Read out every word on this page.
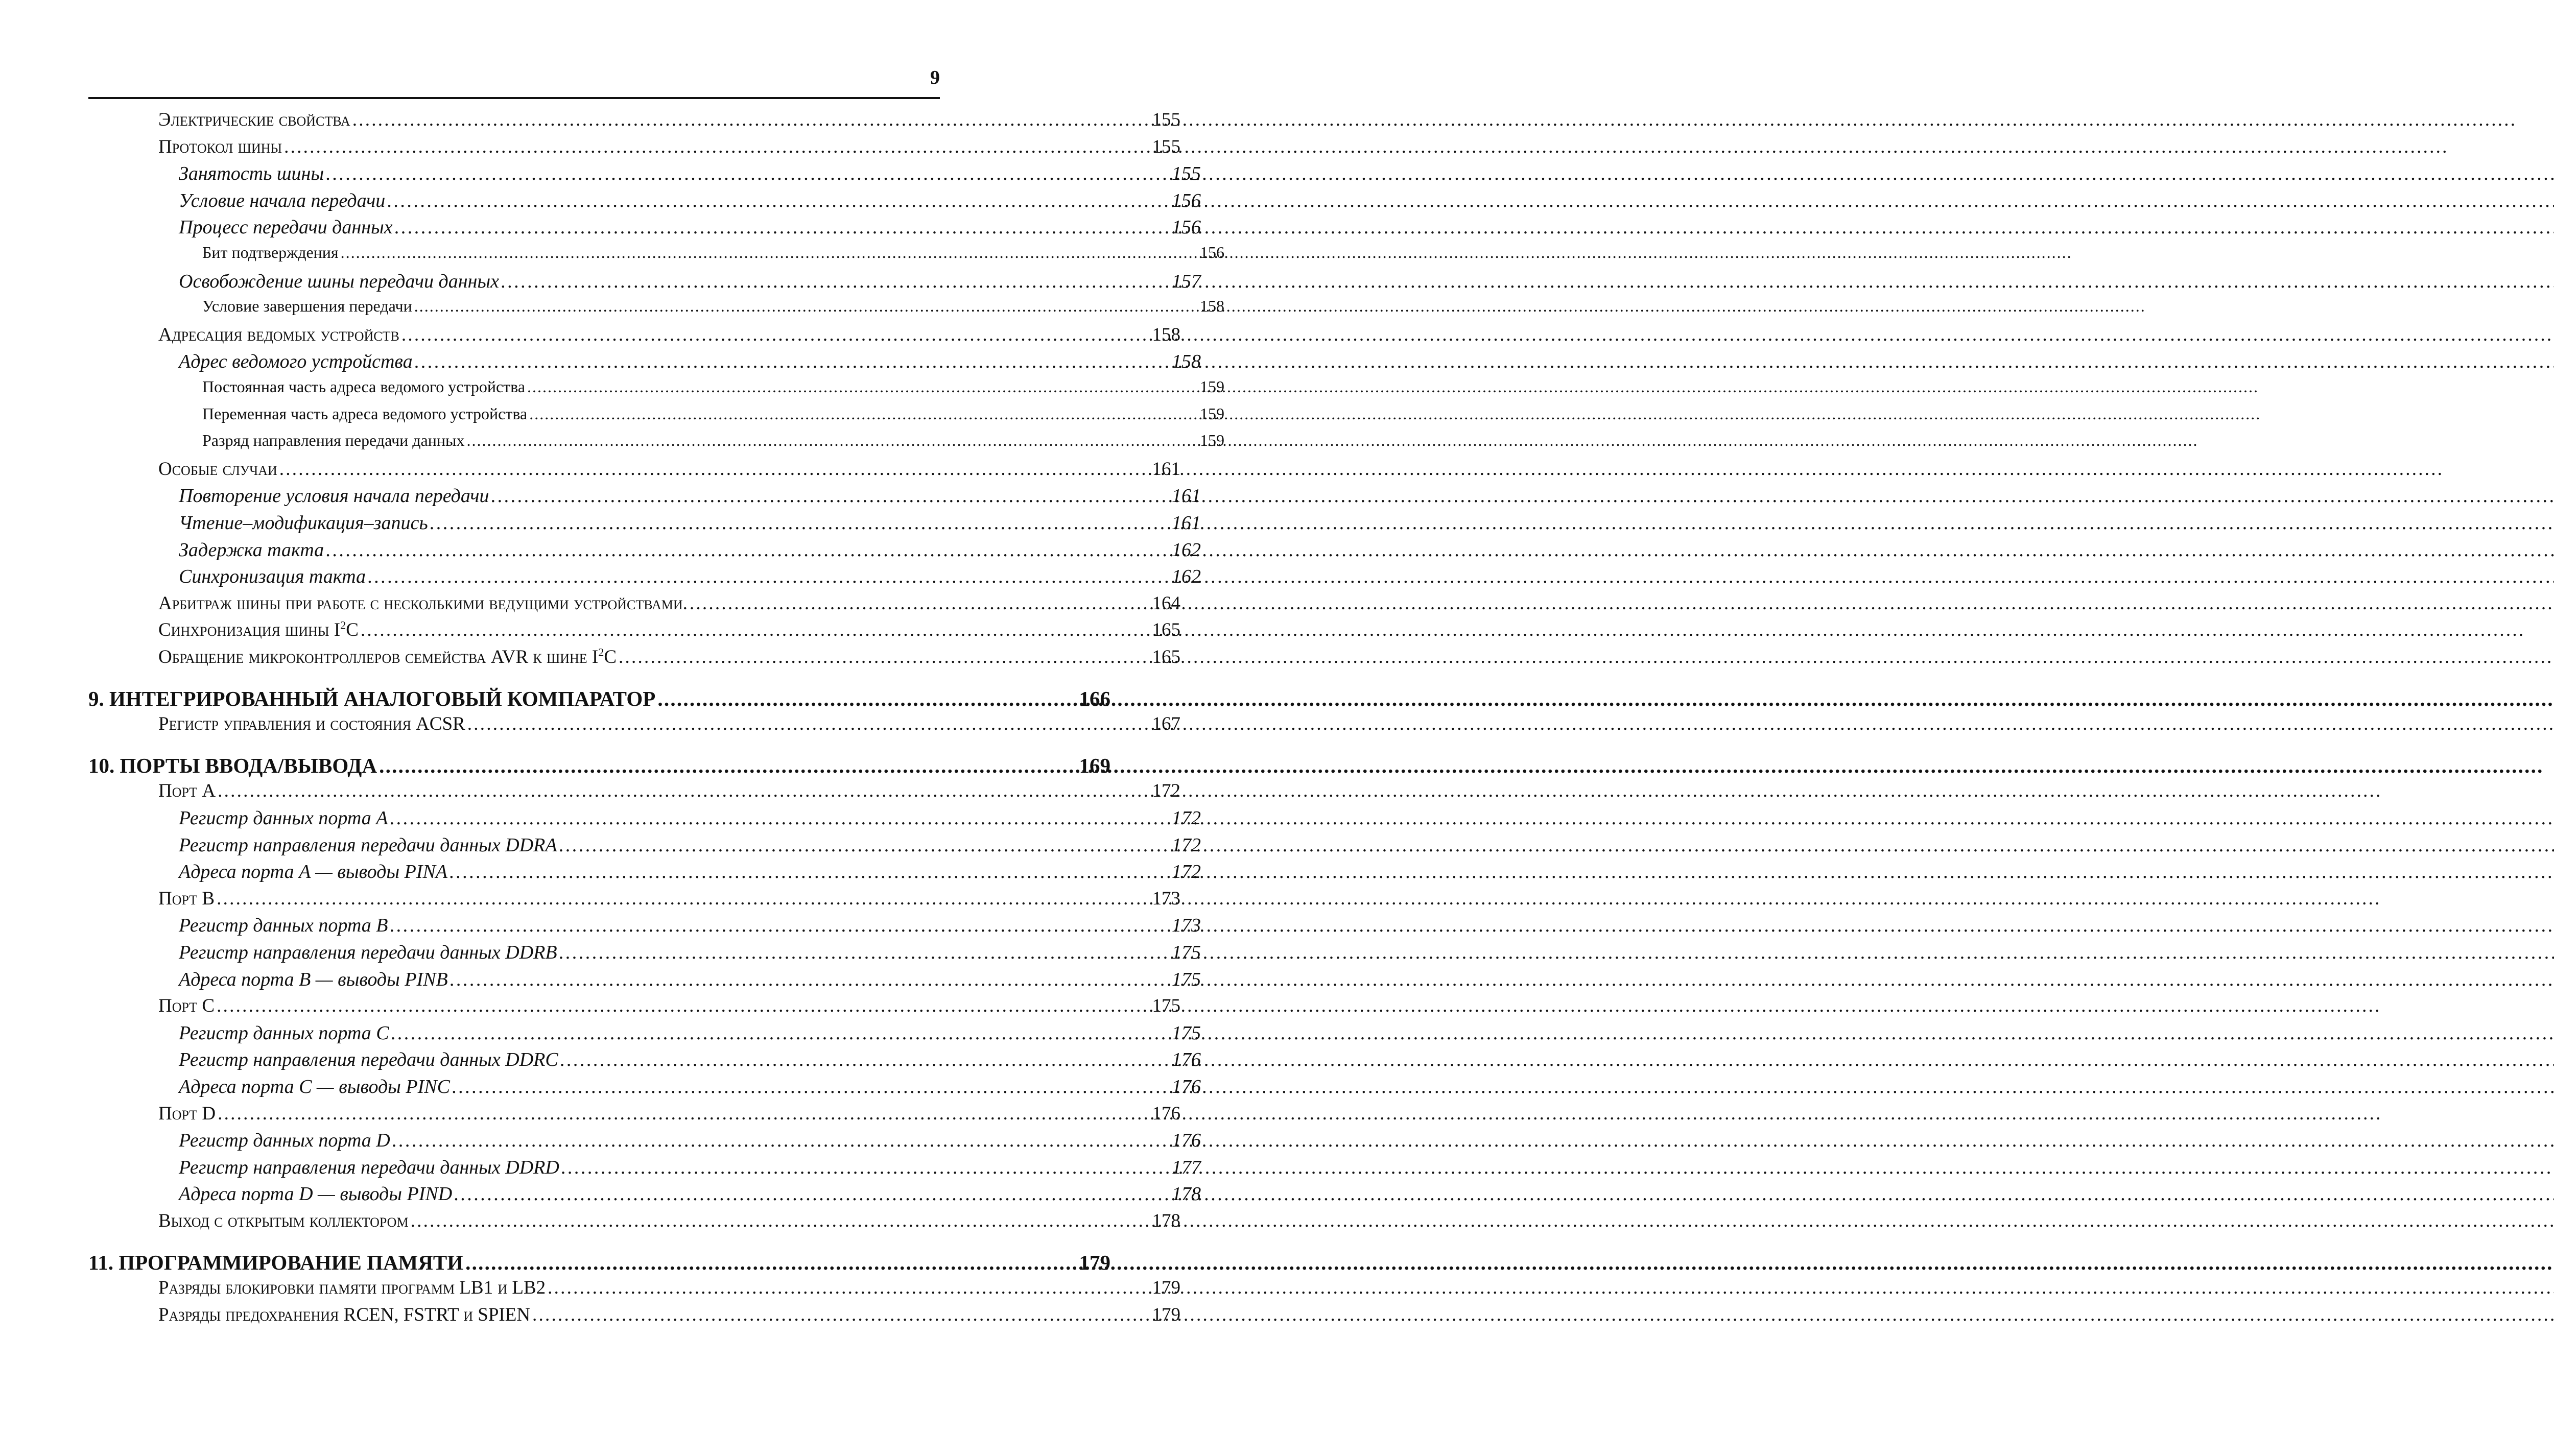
9
Электрические свойства . . .	155
Протокол шины . . .	155
Занятость шины . . .	155
Условие начала передачи . . .	156
Процесс передачи данных . . .	156
Бит подтверждения . . .	156
Освобождение шины передачи данных . . .	157
Условие завершения передачи . . .	158
Адресация ведомых устройств . . .	158
Адрес ведомого устройства . . .	158
Постоянная часть адреса ведомого устройства . . .	159
Переменная часть адреса ведомого устройства . . .	159
Разряд направления передачи данных . . .	159
Особые случаи . . .	161
Повторение условия начала передачи . . .	161
Чтение–модификация–запись . . .	161
Задержка такта . . .	162
Синхронизация такта . . .	162
Арбитраж шины при работе с несколькими ведущими устройствами. . . .	164
Синхронизация шины $I^2C$ . . .	165
Обращение микроконтроллеров семейства AVR к шине $I^2C$ . . .	165
9. ИНТЕГРИРОВАННЫЙ АНАЛОГОВЫЙ КОМПАРАТОР . . .	166
Регистр управления и состояния ACSR . . .	167
10. ПОРТЫ ВВОДА/ВЫВОДА . . .	169
Порт A . . .	172
Регистр данных порта A . . .	172
Регистр направления передачи данных DDRA . . .	172
Адреса порта A — выводы PINA . . .	172
Порт B . . .	173
Регистр данных порта B . . .	173
Регистр направления передачи данных DDRB . . .	175
Адреса порта B — выводы PINB . . .	175
Порт C . . .	175
Регистр данных порта C . . .	175
Регистр направления передачи данных DDRC . . .	176
Адреса порта C — выводы PINC . . .	176
Порт D . . .	176
Регистр данных порта D . . .	176
Регистр направления передачи данных DDRD . . .	177
Адреса порта D — выводы PIND . . .	178
Выход с открытым коллектором . . .	178
11. ПРОГРАММИРОВАНИЕ ПАМЯТИ . . .	179
Разряды блокировки памяти программ LB1 и LB2 . . .	179
Разряды предохранения RCEN, FSTRT и SPIEN . . .	179
